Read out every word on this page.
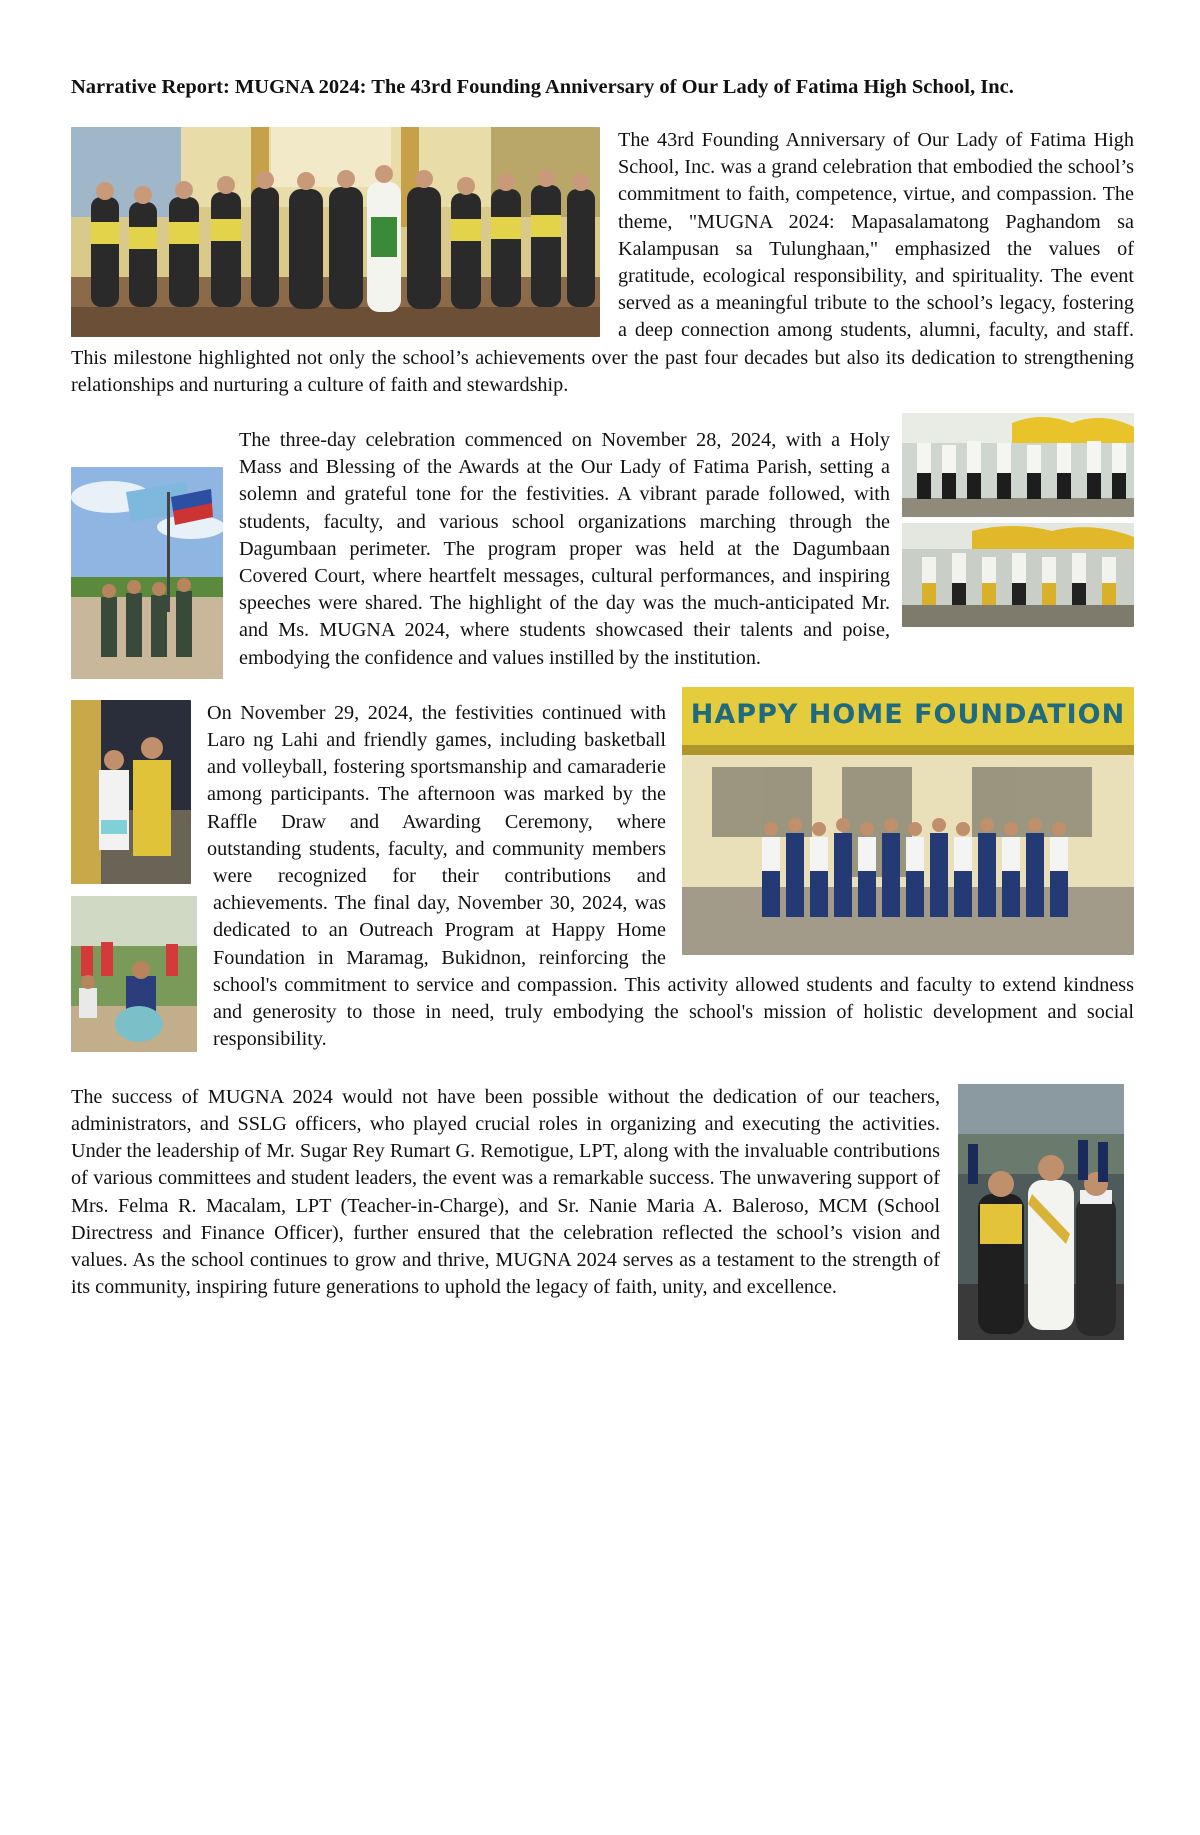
Narrative Report: MUGNA 2024: The 43rd Founding Anniversary of Our Lady of Fatima High School, Inc.

The 43rd Founding Anniversary of Our Lady of Fatima High School, Inc. was a grand celebration that embodied the school’s commitment to faith, competence, virtue, and compassion. The theme, "MUGNA 2024: Mapasalamatong Paghandom sa Kalampusan sa Tulunghaan," emphasized the values of gratitude, ecological responsibility, and spirituality. The event served as a meaningful tribute to the school’s legacy, fostering a deep connection among students, alumni, faculty, and staff. This milestone highlighted not only the school’s achievements over the past four decades but also its dedication to strengthening relationships and nurturing a culture of faith and stewardship.

The three-day celebration commenced on November 28, 2024, with a Holy Mass and Blessing of the Awards at the Our Lady of Fatima Parish, setting a solemn and grateful tone for the festivities. A vibrant parade followed, with students, faculty, and various school organizations marching through the Dagumbaan perimeter. The program proper was held at the Dagumbaan Covered Court, where heartfelt messages, cultural performances, and inspiring speeches were shared. The highlight of the day was the much-anticipated Mr. and Ms. MUGNA 2024, where students showcased their talents and poise, embodying the confidence and values instilled by the institution.

HAPPY HOME FOUNDATION

On November 29, 2024, the festivities continued with Laro ng Lahi and friendly games, including basketball and volleyball, fostering sportsmanship and camaraderie among participants. The afternoon was marked by the Raffle Draw and Awarding Ceremony, where outstanding students, faculty, and community members were recognized for their contributions and achievements. The final day, November 30, 2024, was dedicated to an Outreach Program at Happy Home Foundation in Maramag, Bukidnon, reinforcing the school's commitment to service and compassion. This activity allowed students and faculty to extend kindness and generosity to those in need, truly embodying the school's mission of holistic development and social responsibility.

The success of MUGNA 2024 would not have been possible without the dedication of our teachers, administrators, and SSLG officers, who played crucial roles in organizing and executing the activities. Under the leadership of Mr. Sugar Rey Rumart G. Remotigue, LPT, along with the invaluable contributions of various committees and student leaders, the event was a remarkable success. The unwavering support of Mrs. Felma R. Macalam, LPT (Teacher-in-Charge), and Sr. Nanie Maria A. Baleroso, MCM (School Directress and Finance Officer), further ensured that the celebration reflected the school’s vision and values. As the school continues to grow and thrive, MUGNA 2024 serves as a testament to the strength of its community, inspiring future generations to uphold the legacy of faith, unity, and excellence.
